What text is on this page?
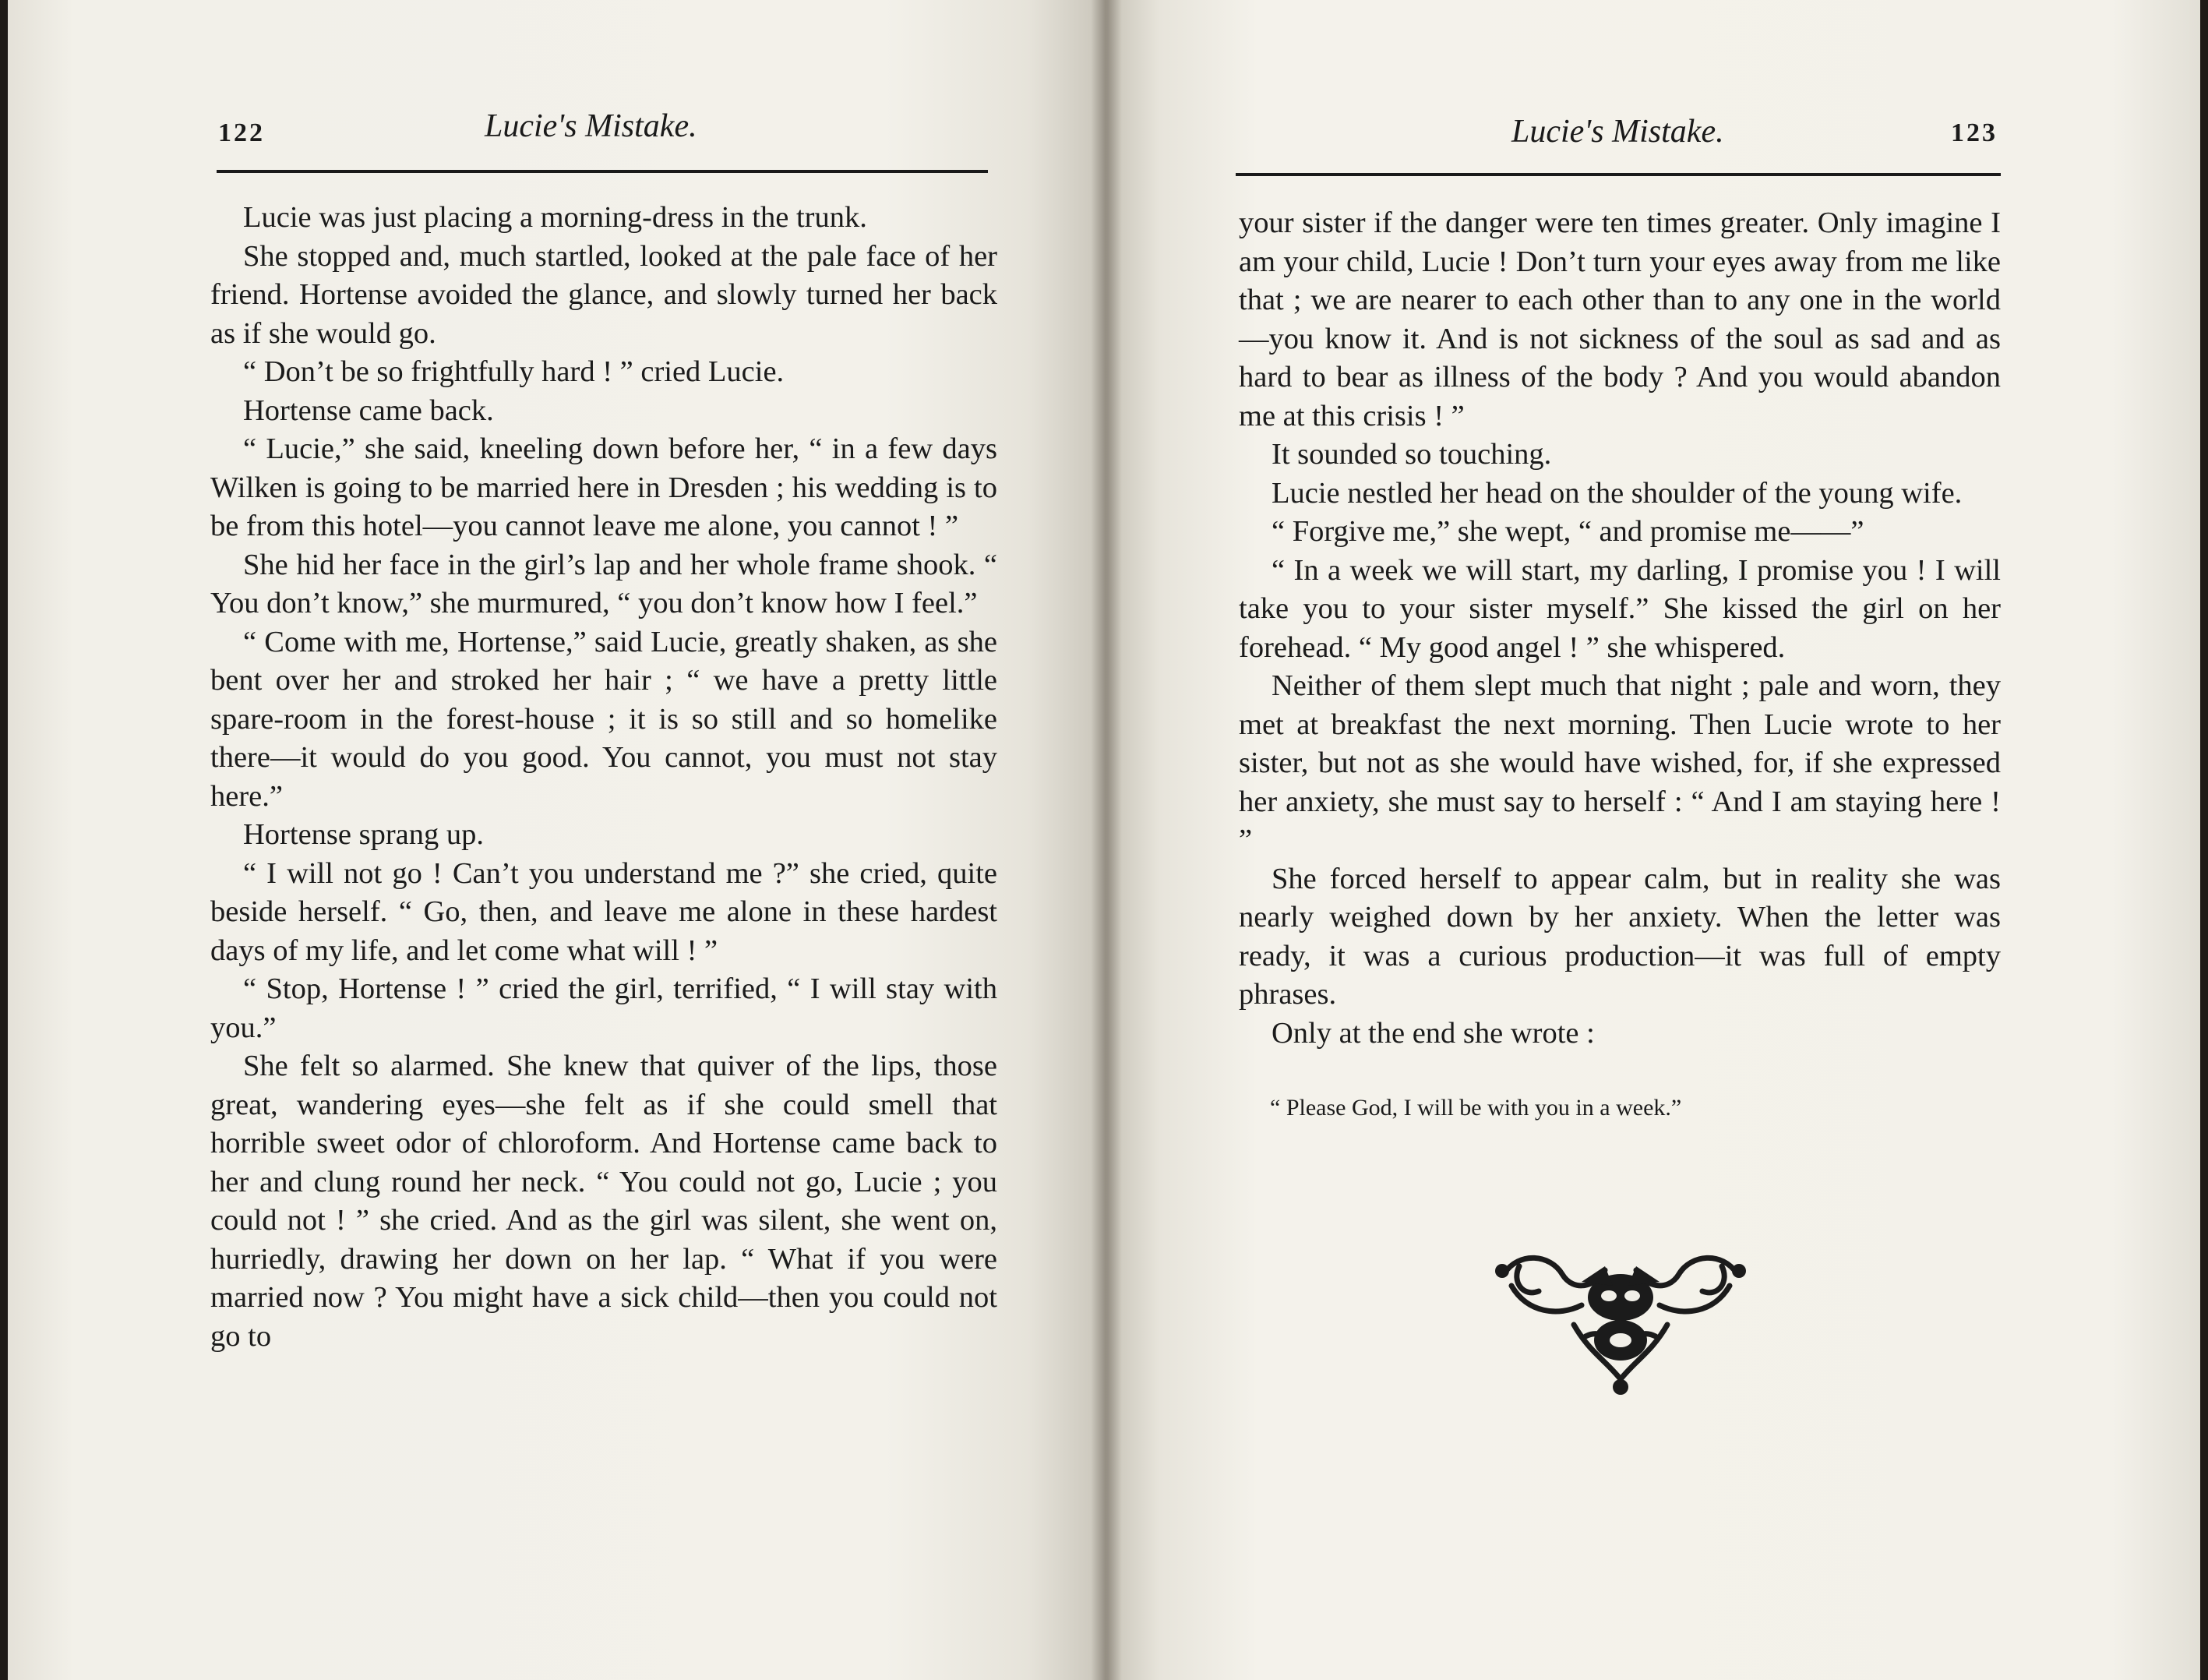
122	Lucie's Mistake.

Lucie was just placing a morning-dress in the trunk.

She stopped and, much startled, looked at the pale face of her friend. Hortense avoided the glance, and slowly turned her back as if she would go.

“ Don’t be so frightfully hard ! ” cried Lucie.

Hortense came back.

“ Lucie,” she said, kneeling down before her, “ in a few days Wilken is going to be married here in Dresden ; his wedding is to be from this hotel—you cannot leave me alone, you cannot ! ”

She hid her face in the girl’s lap and her whole frame shook. “ You don’t know,” she murmured, “ you don’t know how I feel.”

“ Come with me, Hortense,” said Lucie, greatly shaken, as she bent over her and stroked her hair ; “ we have a pretty little spare-room in the forest-house ; it is so still and so homelike there—it would do you good. You cannot, you must not stay here.”

Hortense sprang up.

“ I will not go ! Can’t you understand me ?” she cried, quite beside herself. “ Go, then, and leave me alone in these hardest days of my life, and let come what will ! ”

“ Stop, Hortense ! ” cried the girl, terrified, “ I will stay with you.”

She felt so alarmed. She knew that quiver of the lips, those great, wandering eyes—she felt as if she could smell that horrible sweet odor of chloroform. And Hortense came back to her and clung round her neck. “ You could not go, Lucie ; you could not ! ” she cried. And as the girl was silent, she went on, hurriedly, drawing her down on her lap. “ What if you were married now ? You might have a sick child—then you could not go to

Lucie's Mistake.	123

your sister if the danger were ten times greater. Only imagine I am your child, Lucie ! Don’t turn your eyes away from me like that ; we are nearer to each other than to any one in the world—you know it. And is not sickness of the soul as sad and as hard to bear as illness of the body ? And you would abandon me at this crisis ! ”

It sounded so touching.

Lucie nestled her head on the shoulder of the young wife.

“ Forgive me,” she wept, “ and promise me——”

“ In a week we will start, my darling, I promise you ! I will take you to your sister myself.” She kissed the girl on her forehead. “ My good angel ! ” she whispered.

Neither of them slept much that night ; pale and worn, they met at breakfast the next morning. Then Lucie wrote to her sister, but not as she would have wished, for, if she expressed her anxiety, she must say to herself : “ And I am staying here ! ”

She forced herself to appear calm, but in reality she was nearly weighed down by her anxiety. When the letter was ready, it was a curious production—it was full of empty phrases.

Only at the end she wrote :

“ Please God, I will be with you in a week.”
